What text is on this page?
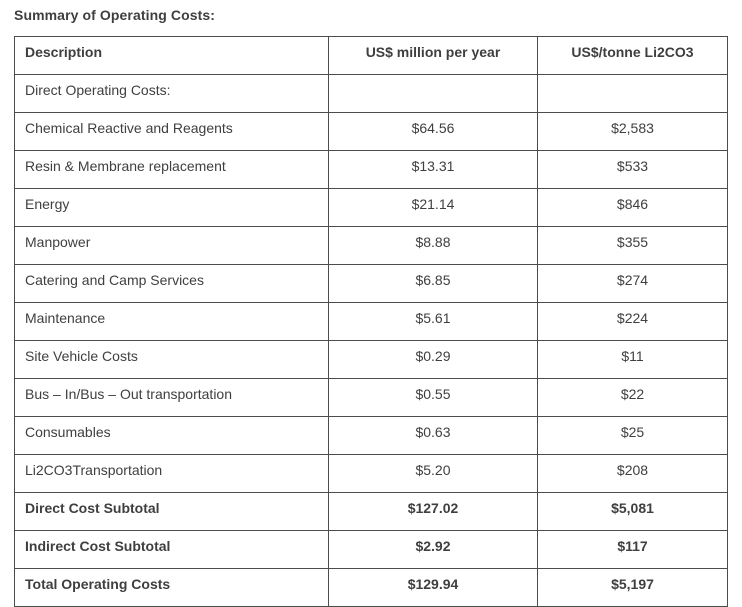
Summary of Operating Costs:
Description	US$ million per year	US$/tonne Li2CO3
Direct Operating Costs:		
Chemical Reactive and Reagents	$64.56	$2,583
Resin & Membrane replacement	$13.31	$533
Energy	$21.14	$846
Manpower	$8.88	$355
Catering and Camp Services	$6.85	$274
Maintenance	$5.61	$224
Site Vehicle Costs	$0.29	$11
Bus – In/Bus – Out transportation	$0.55	$22
Consumables	$0.63	$25
Li2CO3Transportation	$5.20	$208
Direct Cost Subtotal	$127.02	$5,081
Indirect Cost Subtotal	$2.92	$117
Total Operating Costs	$129.94	$5,197
